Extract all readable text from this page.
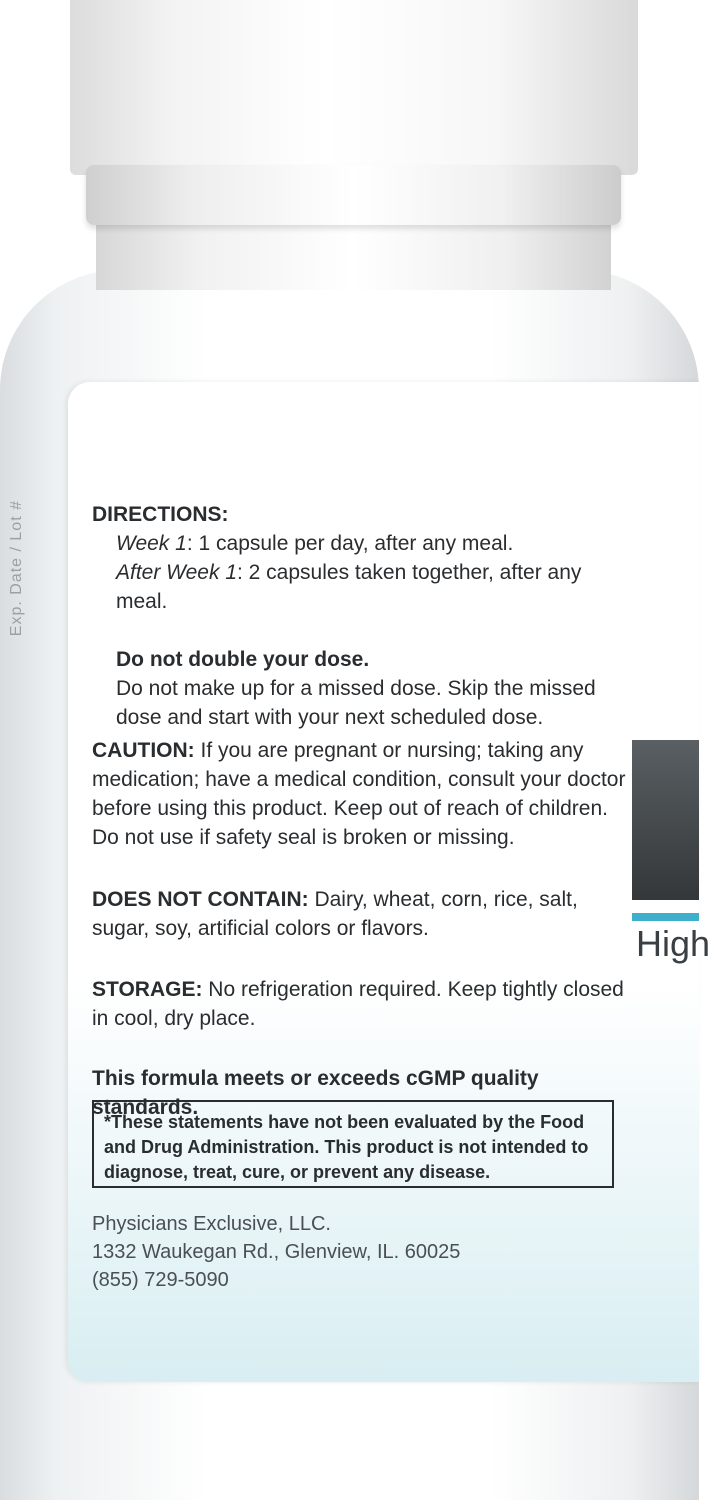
Exp. Date / Lot #
High
DIRECTIONS:
Week 1: 1 capsule per day, after any meal.
After Week 1: 2 capsules taken together, after any meal.
Do not double your dose.
Do not make up for a missed dose. Skip the missed dose and start with your next scheduled dose.
CAUTION: If you are pregnant or nursing; taking any medication; have a medical condition, consult your doctor before using this product. Keep out of reach of children. Do not use if safety seal is broken or missing.
DOES NOT CONTAIN: Dairy, wheat, corn, rice, salt, sugar, soy, artificial colors or flavors.
STORAGE: No refrigeration required. Keep tightly closed in cool, dry place.
This formula meets or exceeds cGMP quality standards.
*These statements have not been evaluated by the Food and Drug Administration. This product is not intended to diagnose, treat, cure, or prevent any disease.
Physicians Exclusive, LLC.
1332 Waukegan Rd., Glenview, IL. 60025
(855) 729-5090
